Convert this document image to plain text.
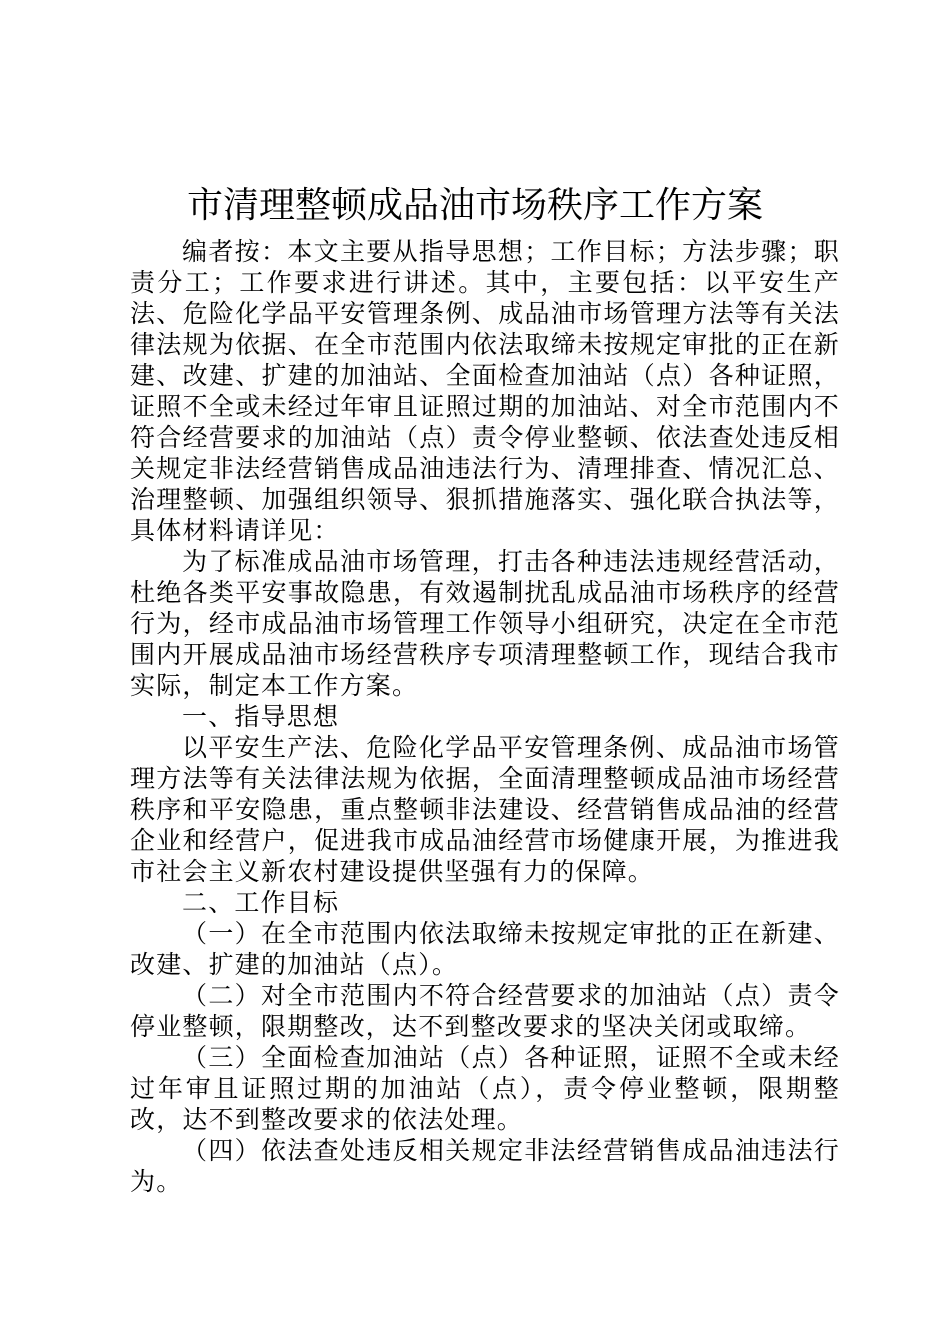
市清理整顿成品油市场秩序工作方案

编者按：本文主要从指导思想；工作目标；方法步骤；职责分工；工作要求进行讲述。其中，主要包括：以平安生产法、危险化学品平安管理条例、成品油市场管理方法等有关法律法规为依据、在全市范围内依法取缔未按规定审批的正在新建、改建、扩建的加油站、全面检查加油站（点）各种证照，证照不全或未经过年审且证照过期的加油站、对全市范围内不符合经营要求的加油站（点）责令停业整顿、依法查处违反相关规定非法经营销售成品油违法行为、清理排查、情况汇总、治理整顿、加强组织领导、狠抓措施落实、强化联合执法等，具体材料请详见：

为了标准成品油市场管理，打击各种违法违规经营活动，杜绝各类平安事故隐患，有效遏制扰乱成品油市场秩序的经营行为，经市成品油市场管理工作领导小组研究，决定在全市范围内开展成品油市场经营秩序专项清理整顿工作，现结合我市实际，制定本工作方案。

一、指导思想

以平安生产法、危险化学品平安管理条例、成品油市场管理方法等有关法律法规为依据，全面清理整顿成品油市场经营秩序和平安隐患，重点整顿非法建设、经营销售成品油的经营企业和经营户，促进我市成品油经营市场健康开展，为推进我市社会主义新农村建设提供坚强有力的保障。

二、工作目标

（一）在全市范围内依法取缔未按规定审批的正在新建、改建、扩建的加油站（点）。

（二）对全市范围内不符合经营要求的加油站（点）责令停业整顿，限期整改，达不到整改要求的坚决关闭或取缔。

（三）全面检查加油站（点）各种证照，证照不全或未经过年审且证照过期的加油站（点），责令停业整顿，限期整改，达不到整改要求的依法处理。

（四）依法查处违反相关规定非法经营销售成品油违法行为。
